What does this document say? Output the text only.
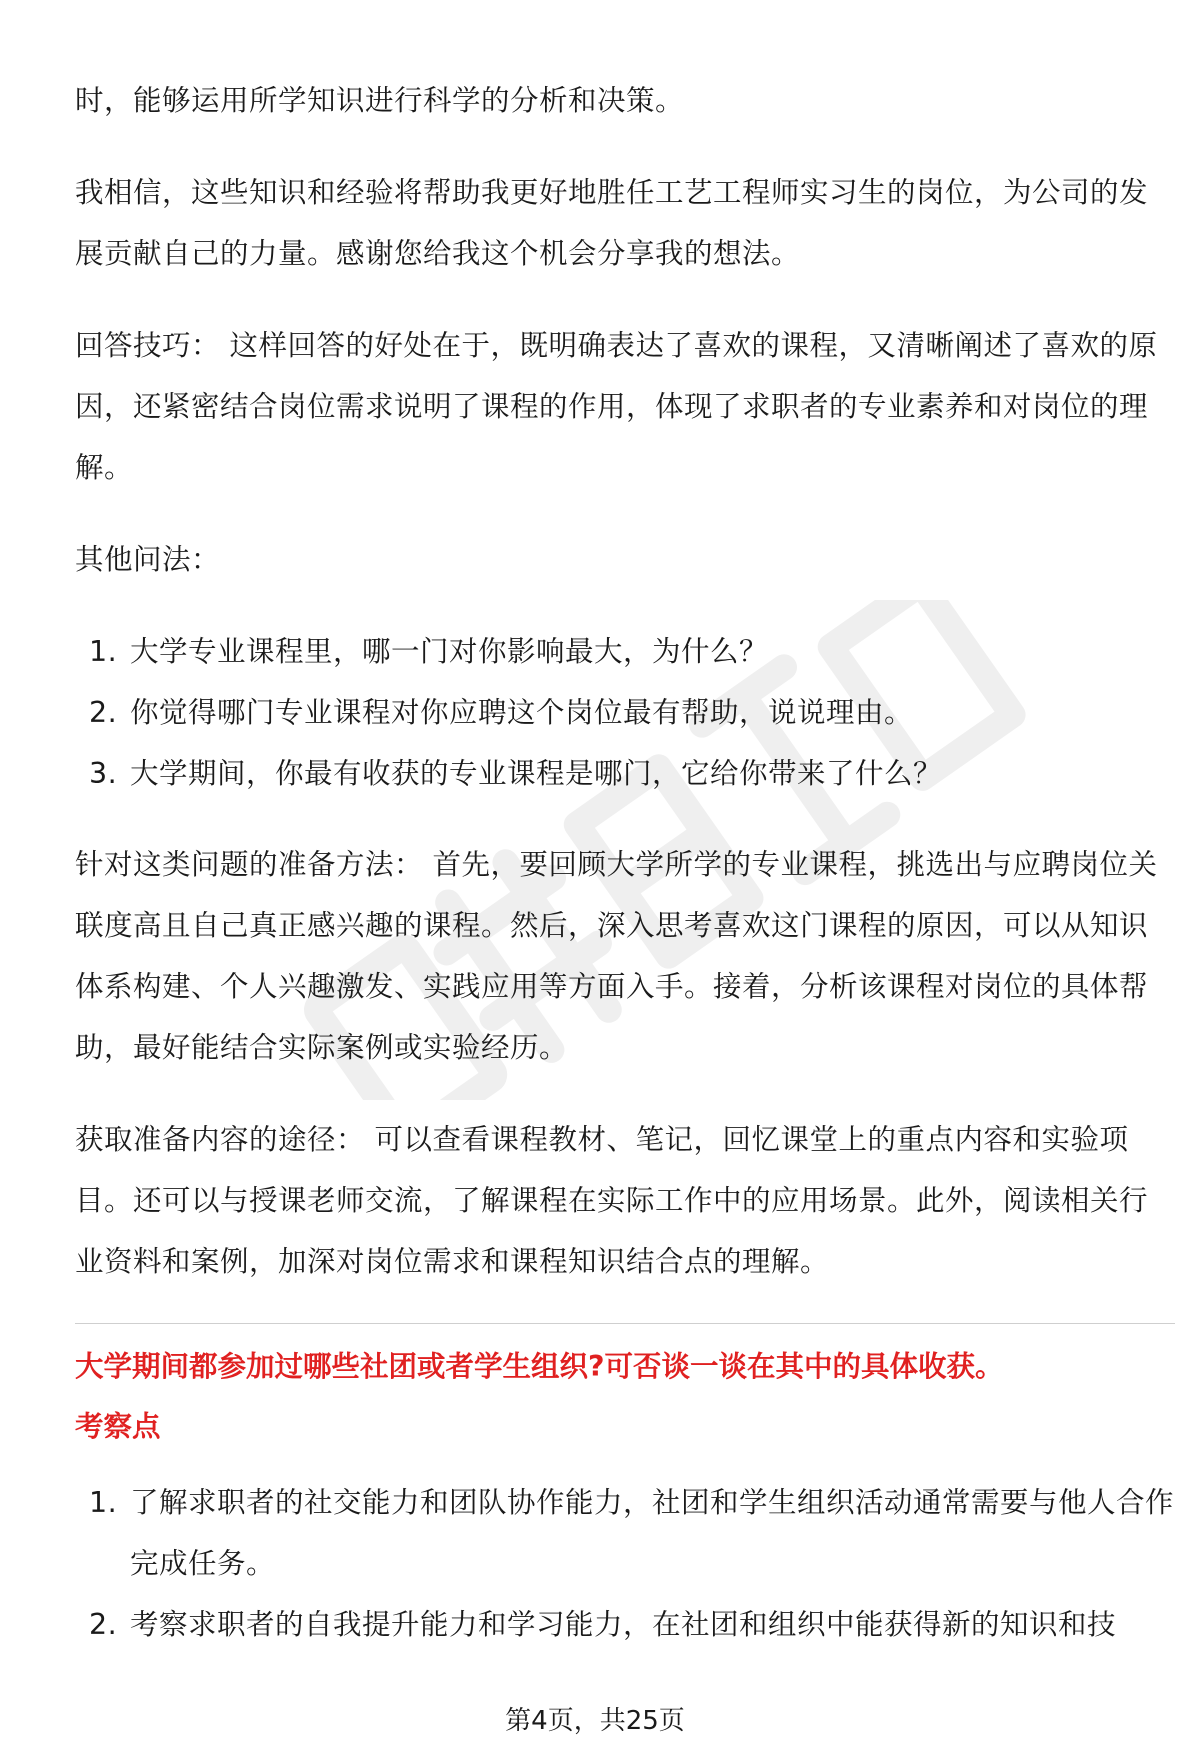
时，能够运用所学知识进行科学的分析和决策。

我相信，这些知识和经验将帮助我更好地胜任工艺工程师实习生的岗位，为公司的发展贡献自己的力量。感谢您给我这个机会分享我的想法。

回答技巧： 这样回答的好处在于，既明确表达了喜欢的课程，又清晰阐述了喜欢的原因，还紧密结合岗位需求说明了课程的作用，体现了求职者的专业素养和对岗位的理解。

其他问法：

1. 大学专业课程里，哪一门对你影响最大，为什么？
2. 你觉得哪门专业课程对你应聘这个岗位最有帮助，说说理由。
3. 大学期间，你最有收获的专业课程是哪门，它给你带来了什么？

针对这类问题的准备方法： 首先，要回顾大学所学的专业课程，挑选出与应聘岗位关联度高且自己真正感兴趣的课程。然后，深入思考喜欢这门课程的原因，可以从知识体系构建、个人兴趣激发、实践应用等方面入手。接着，分析该课程对岗位的具体帮助，最好能结合实际案例或实验经历。

获取准备内容的途径： 可以查看课程教材、笔记，回忆课堂上的重点内容和实验项目。还可以与授课老师交流，了解课程在实际工作中的应用场景。此外，阅读相关行业资料和案例，加深对岗位需求和课程知识结合点的理解。

大学期间都参加过哪些社团或者学生组织?可否谈一谈在其中的具体收获。
考察点
1. 了解求职者的社交能力和团队协作能力，社团和学生组织活动通常需要与他人合作完成任务。
2. 考察求职者的自我提升能力和学习能力，在社团和组织中能获得新的知识和技
第4页，共25页
